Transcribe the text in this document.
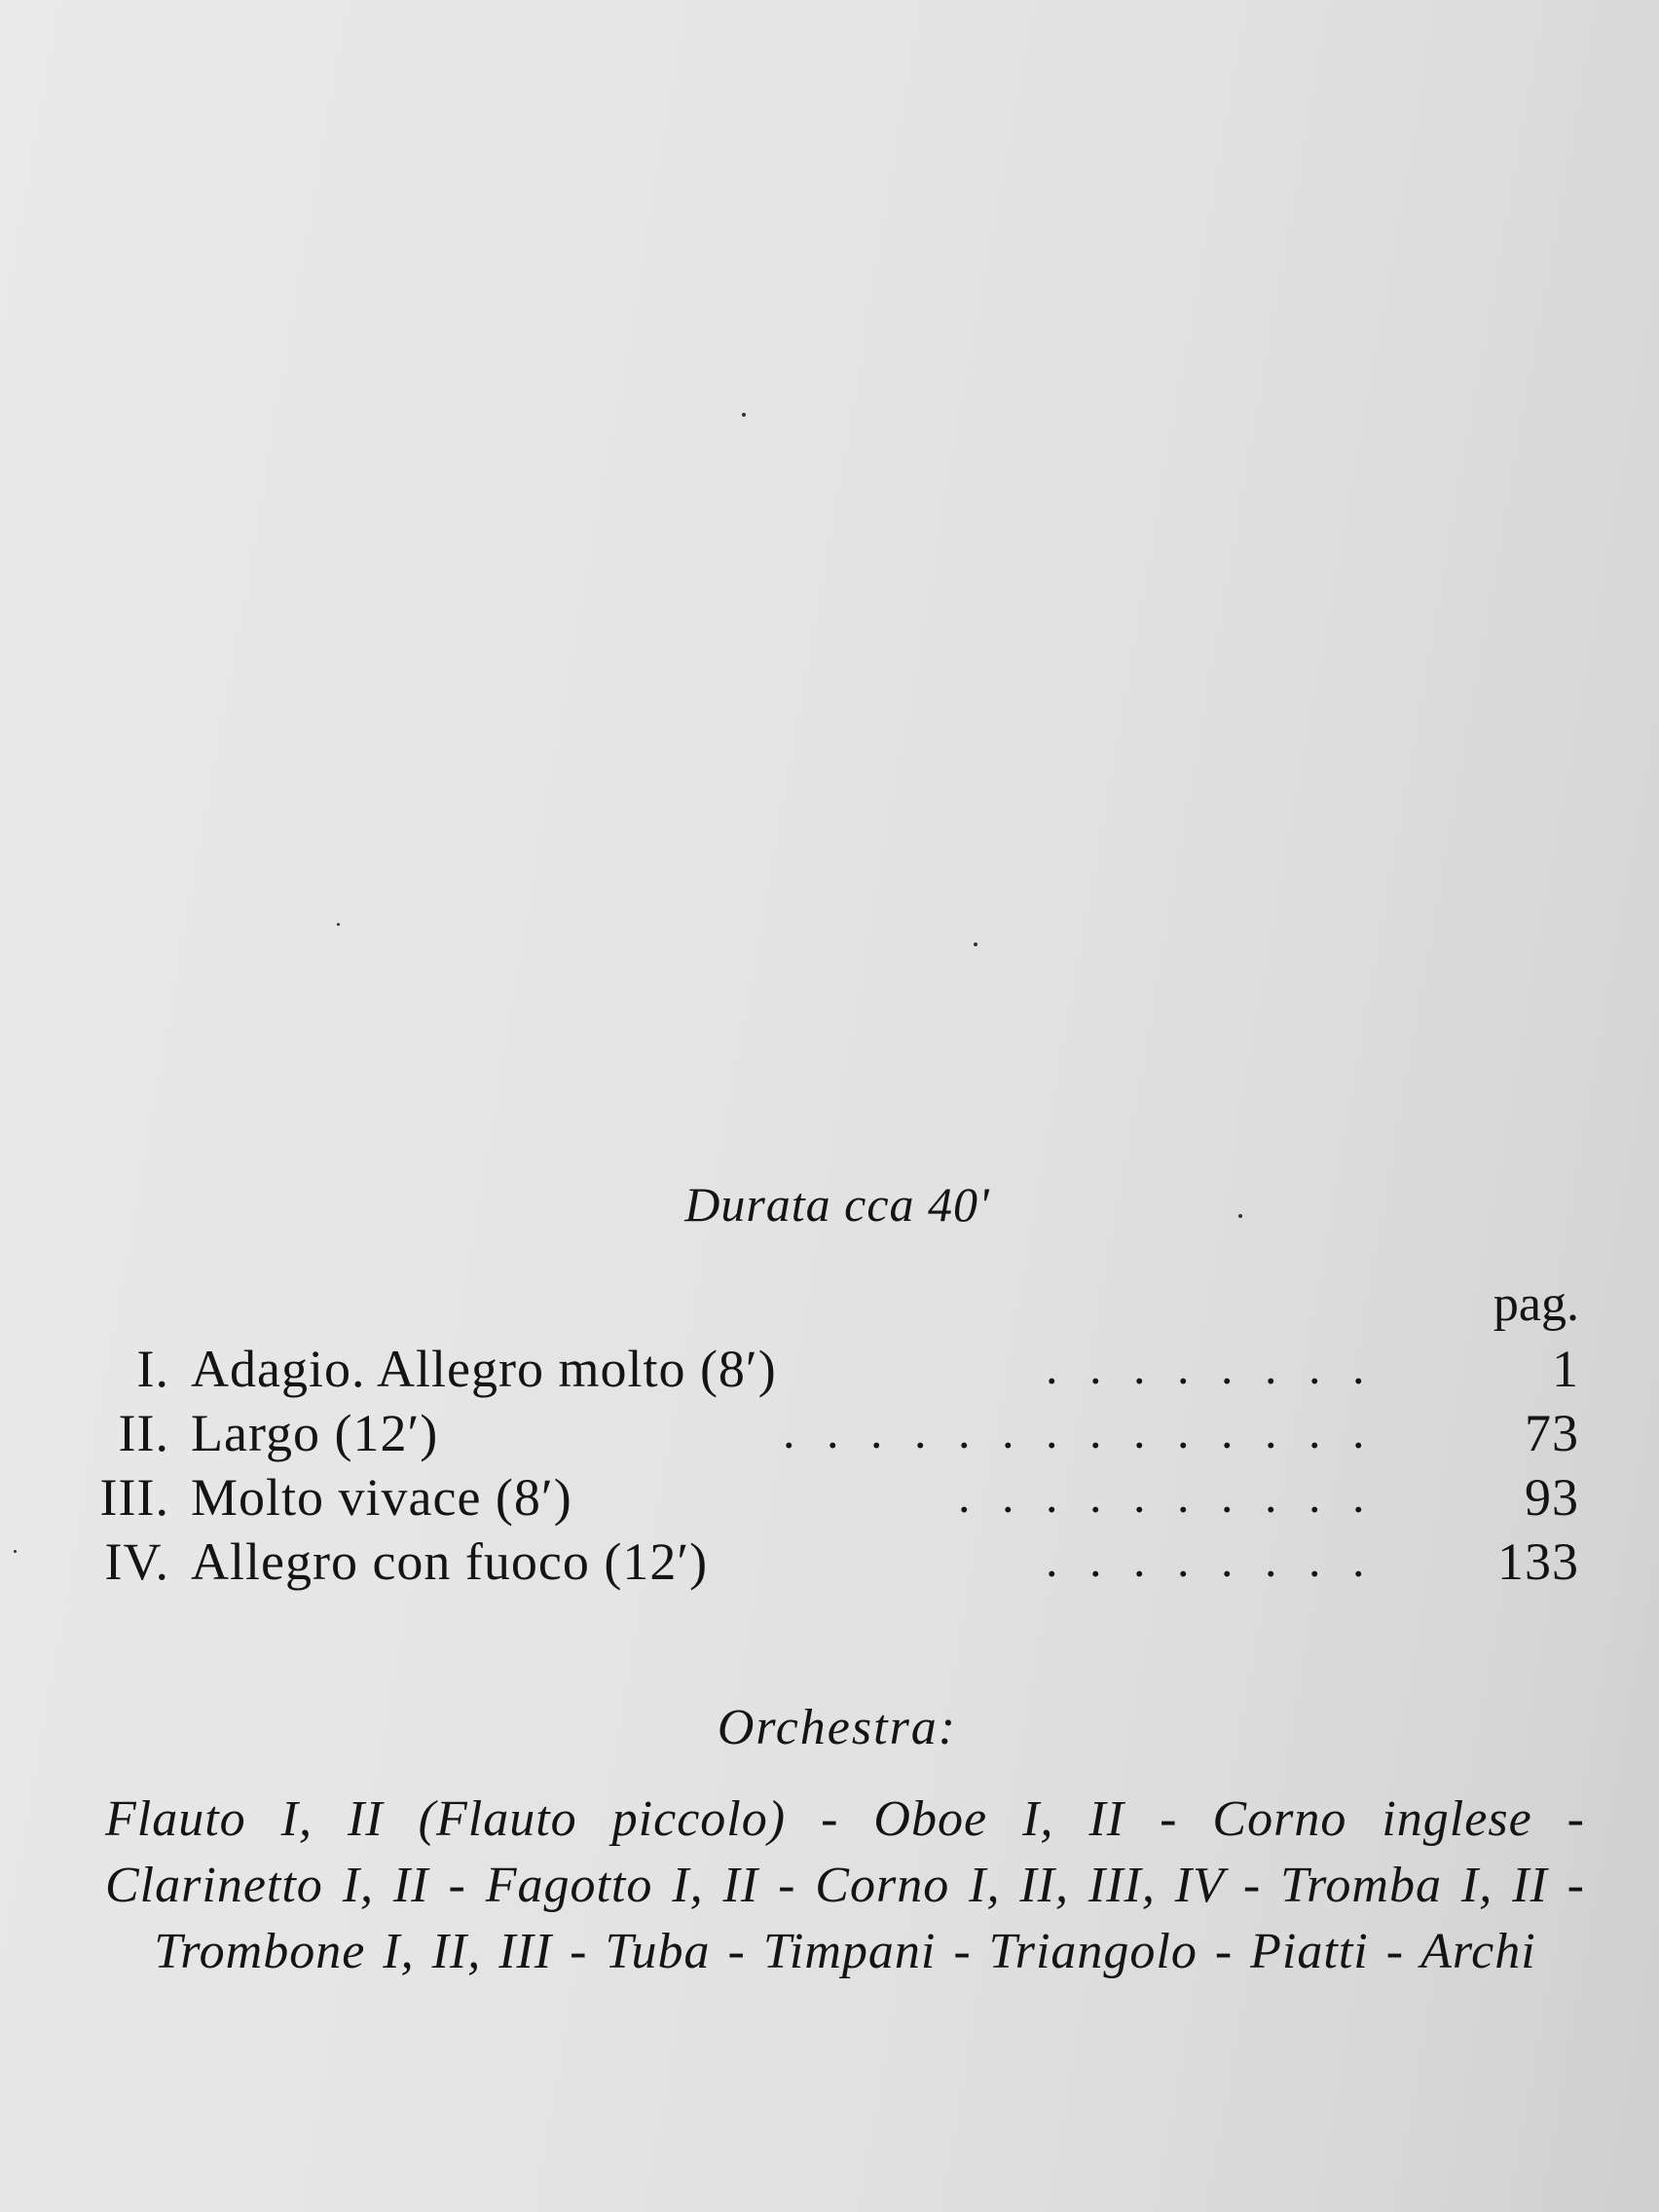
Durata cca 40'
pag.
I. Adagio. Allegro molto (8′)	........	1
II. Largo (12′)	.............. 73
III. Molto vivace (8′)	.......... 93
IV. Allegro con fuoco (12′)	........ 133
Orchestra:
Flauto I, II (Flauto piccolo) - Oboe I, II - Corno inglese - Clarinetto I, II - Fagotto I, II - Corno I, II, III, IV - Tromba I, II - Trombone I, II, III - Tuba - Timpani - Triangolo - Piatti - Archi
